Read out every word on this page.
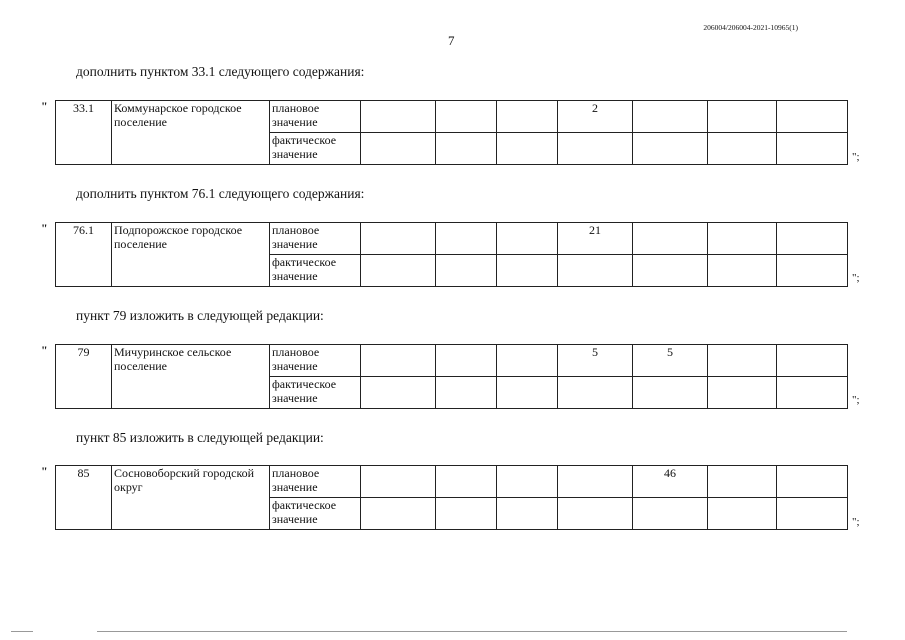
206004/206004-2021-10965(1)
7
дополнить пунктом 33.1 следующего содержания:
"
";
33.1	Коммунарское городское поселение	плановое значение				2			
		фактическое значение							
дополнить пунктом 76.1 следующего содержания:
"
";
76.1	Подпорожское городское поселение	плановое значение				21			
		фактическое значение							
пункт 79 изложить в следующей редакции:
"
";
79	Мичуринское сельское поселение	плановое значение				5	5		
		фактическое значение							
пункт 85 изложить в следующей редакции:
"
";
85	Сосновоборский городской округ	плановое значение					46		
		фактическое значение							
